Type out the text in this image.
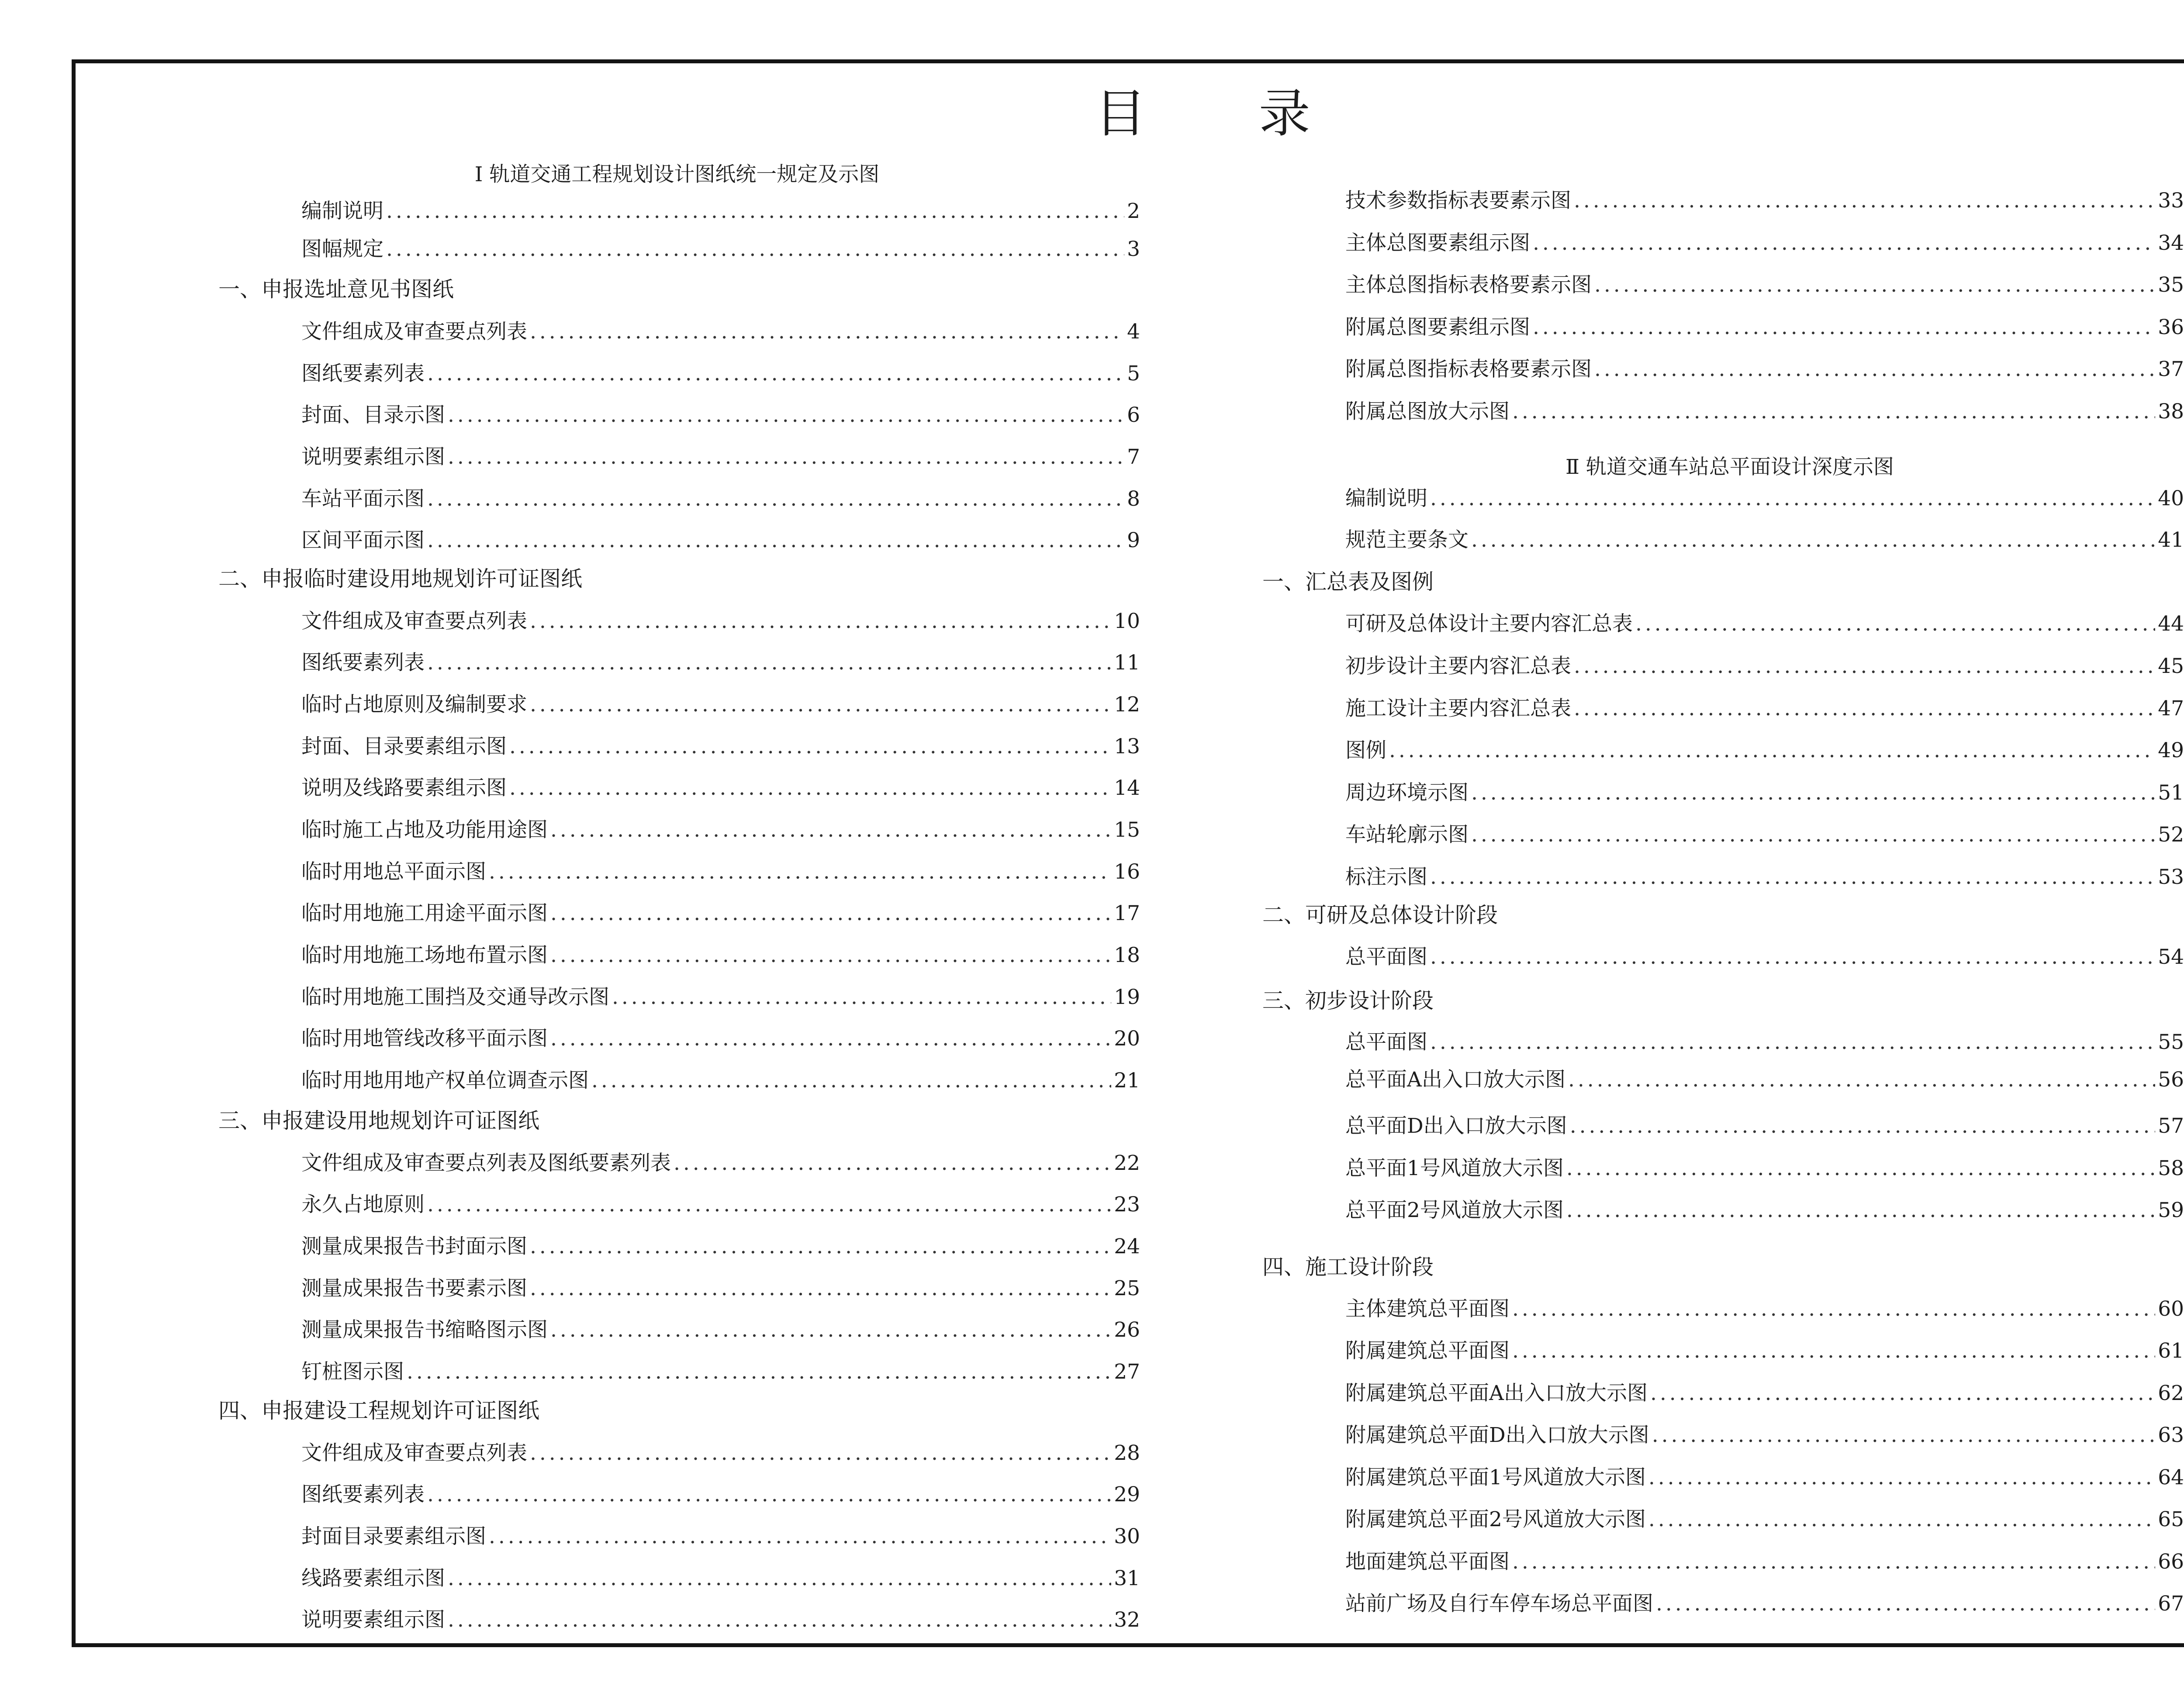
目 录
Ⅰ 轨道交通工程规划设计图纸统一规定及示图
编制说明 . . .	2
图幅规定 . . .	3
一、申报选址意见书图纸
文件组成及审查要点列表 . . .	4
图纸要素列表 . . .	5
封面、目录示图 . . .	6
说明要素组示图 . . .	7
车站平面示图 . . .	8
区间平面示图 . . .	9
二、申报临时建设用地规划许可证图纸
文件组成及审查要点列表 . . .	10
图纸要素列表 . . .	11
临时占地原则及编制要求 . . .	12
封面、目录要素组示图 . . .	13
说明及线路要素组示图 . . .	14
临时施工占地及功能用途图 . . .	15
临时用地总平面示图 . . .	16
临时用地施工用途平面示图 . . .	17
临时用地施工场地布置示图 . . .	18
临时用地施工围挡及交通导改示图 . . .	19
临时用地管线改移平面示图 . . .	20
临时用地用地产权单位调查示图 . . .	21
三、申报建设用地规划许可证图纸
文件组成及审查要点列表及图纸要素列表 . . .	22
永久占地原则 . . .	23
测量成果报告书封面示图 . . .	24
测量成果报告书要素示图 . . .	25
测量成果报告书缩略图示图 . . .	26
钉桩图示图 . . .	27
四、申报建设工程规划许可证图纸
文件组成及审查要点列表 . . .	28
图纸要素列表 . . .	29
封面目录要素组示图 . . .	30
线路要素组示图 . . .	31
说明要素组示图 . . .	32
技术参数指标表要素示图 . . .	33
主体总图要素组示图 . . .	34
主体总图指标表格要素示图 . . .	35
附属总图要素组示图 . . .	36
附属总图指标表格要素示图 . . .	37
附属总图放大示图 . . .	38
Ⅱ 轨道交通车站总平面设计深度示图
编制说明 . . .	40
规范主要条文 . . .	41
一、汇总表及图例
可研及总体设计主要内容汇总表 . . .	44
初步设计主要内容汇总表 . . .	45
施工设计主要内容汇总表 . . .	47
图例 . . .	49
周边环境示图 . . .	51
车站轮廓示图 . . .	52
标注示图 . . .	53
二、可研及总体设计阶段
总平面图 . . .	54
三、初步设计阶段
总平面图 . . .	55
总平面A出入口放大示图 . . .	56
总平面D出入口放大示图 . . .	57
总平面1号风道放大示图 . . .	58
总平面2号风道放大示图 . . .	59
四、施工设计阶段
主体建筑总平面图 . . .	60
附属建筑总平面图 . . .	61
附属建筑总平面A出入口放大示图 . . .	62
附属建筑总平面D出入口放大示图 . . .	63
附属建筑总平面1号风道放大示图 . . .	64
附属建筑总平面2号风道放大示图 . . .	65
地面建筑总平面图 . . .	66
站前广场及自行车停车场总平面图 . . .	67
